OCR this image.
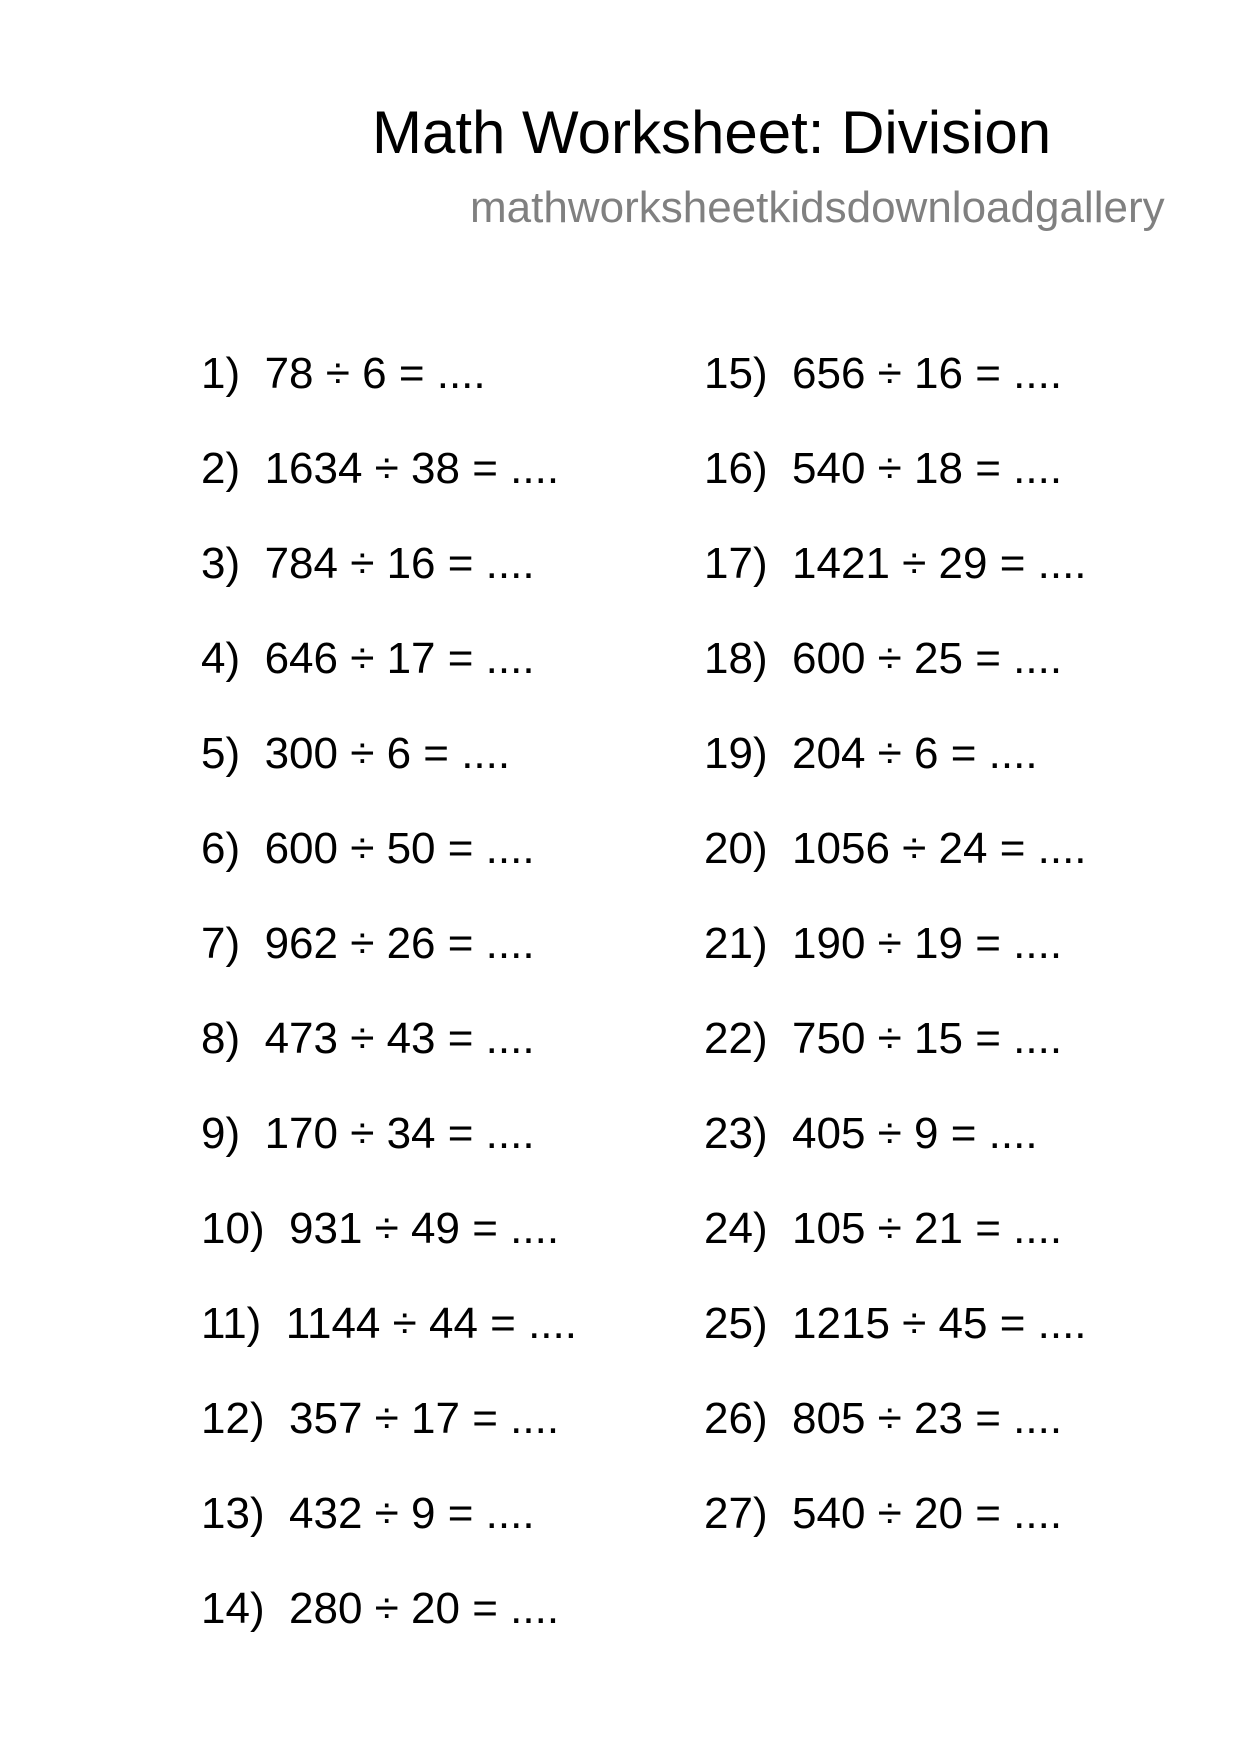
Math Worksheet: Division
mathworksheetkidsdownloadgallery
1)
78 ÷ 6 = ....
2)
1634 ÷ 38 = ....
3)
784 ÷ 16 = ....
4)
646 ÷ 17 = ....
5)
300 ÷ 6 = ....
6)
600 ÷ 50 = ....
7)
962 ÷ 26 = ....
8)
473 ÷ 43 = ....
9)
170 ÷ 34 = ....
10)
931 ÷ 49 = ....
11)
1144 ÷ 44 = ....
12)
357 ÷ 17 = ....
13)
432 ÷ 9 = ....
14)
280 ÷ 20 = ....
15)
656 ÷ 16 = ....
16)
540 ÷ 18 = ....
17)
1421 ÷ 29 = ....
18)
600 ÷ 25 = ....
19)
204 ÷ 6 = ....
20)
1056 ÷ 24 = ....
21)
190 ÷ 19 = ....
22)
750 ÷ 15 = ....
23)
405 ÷ 9 = ....
24)
105 ÷ 21 = ....
25)
1215 ÷ 45 = ....
26)
805 ÷ 23 = ....
27)
540 ÷ 20 = ....
